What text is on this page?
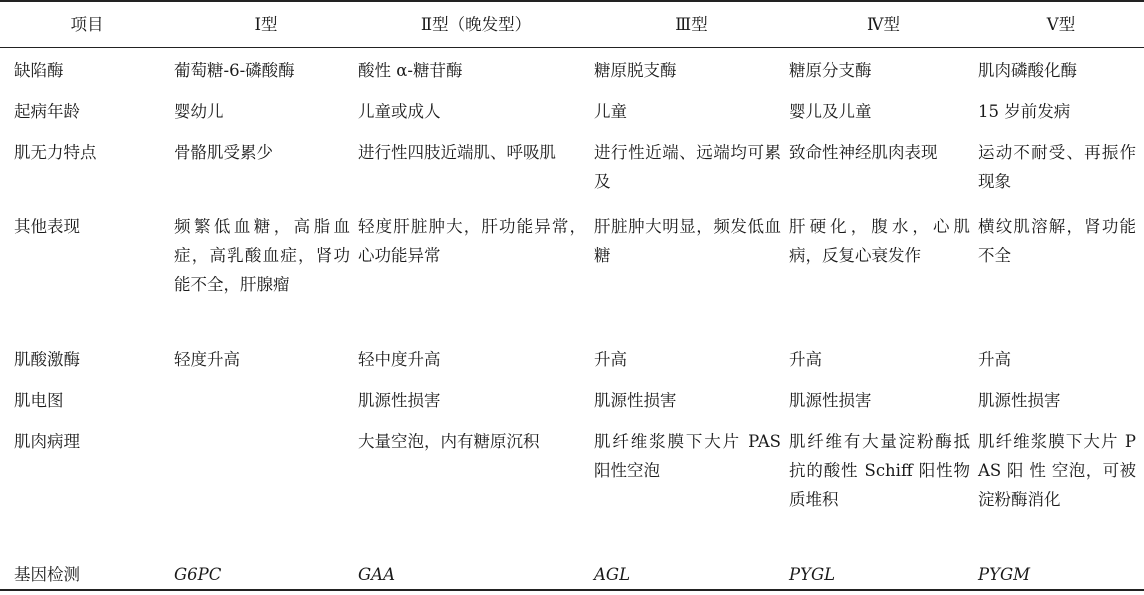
项目	Ⅰ型	Ⅱ型（晚发型）	Ⅲ型	Ⅳ型	Ⅴ型

缺陷酶	葡萄糖-6-磷酸酶	酸性 α-糖苷酶	糖原脱支酶	糖原分支酶	肌肉磷酸化酶

起病年龄	婴幼儿	儿童或成人	儿童	婴儿及儿童	15 岁前发病

肌无力特点	骨骼肌受累少	进行性四肢近端肌、呼吸肌	进行性近端、远端均可累及	致命性神经肌肉表现	运动不耐受、再振作现象

其他表现	频繁低血糖，高脂血症，高乳酸血症，肾功能不全，肝腺瘤	轻度肝脏肿大，肝功能异常，心功能异常	肝脏肿大明显，频发低血糖	肝硬化，腹水，心肌病，反复心衰发作	横纹肌溶解，肾功能不全

肌酸激酶	轻度升高	轻中度升高	升高	升高	升高

肌电图		肌源性损害	肌源性损害	肌源性损害	肌源性损害

肌肉病理		大量空泡，内有糖原沉积	肌纤维浆膜下大片 PAS 阳性空泡	肌纤维有大量淀粉酶抵抗的酸性 Schiff 阳性物质堆积	肌纤维浆膜下大片 PAS 阳 性 空泡，可被淀粉酶消化

基因检测	G6PC	GAA	AGL	PYGL	PYGM
